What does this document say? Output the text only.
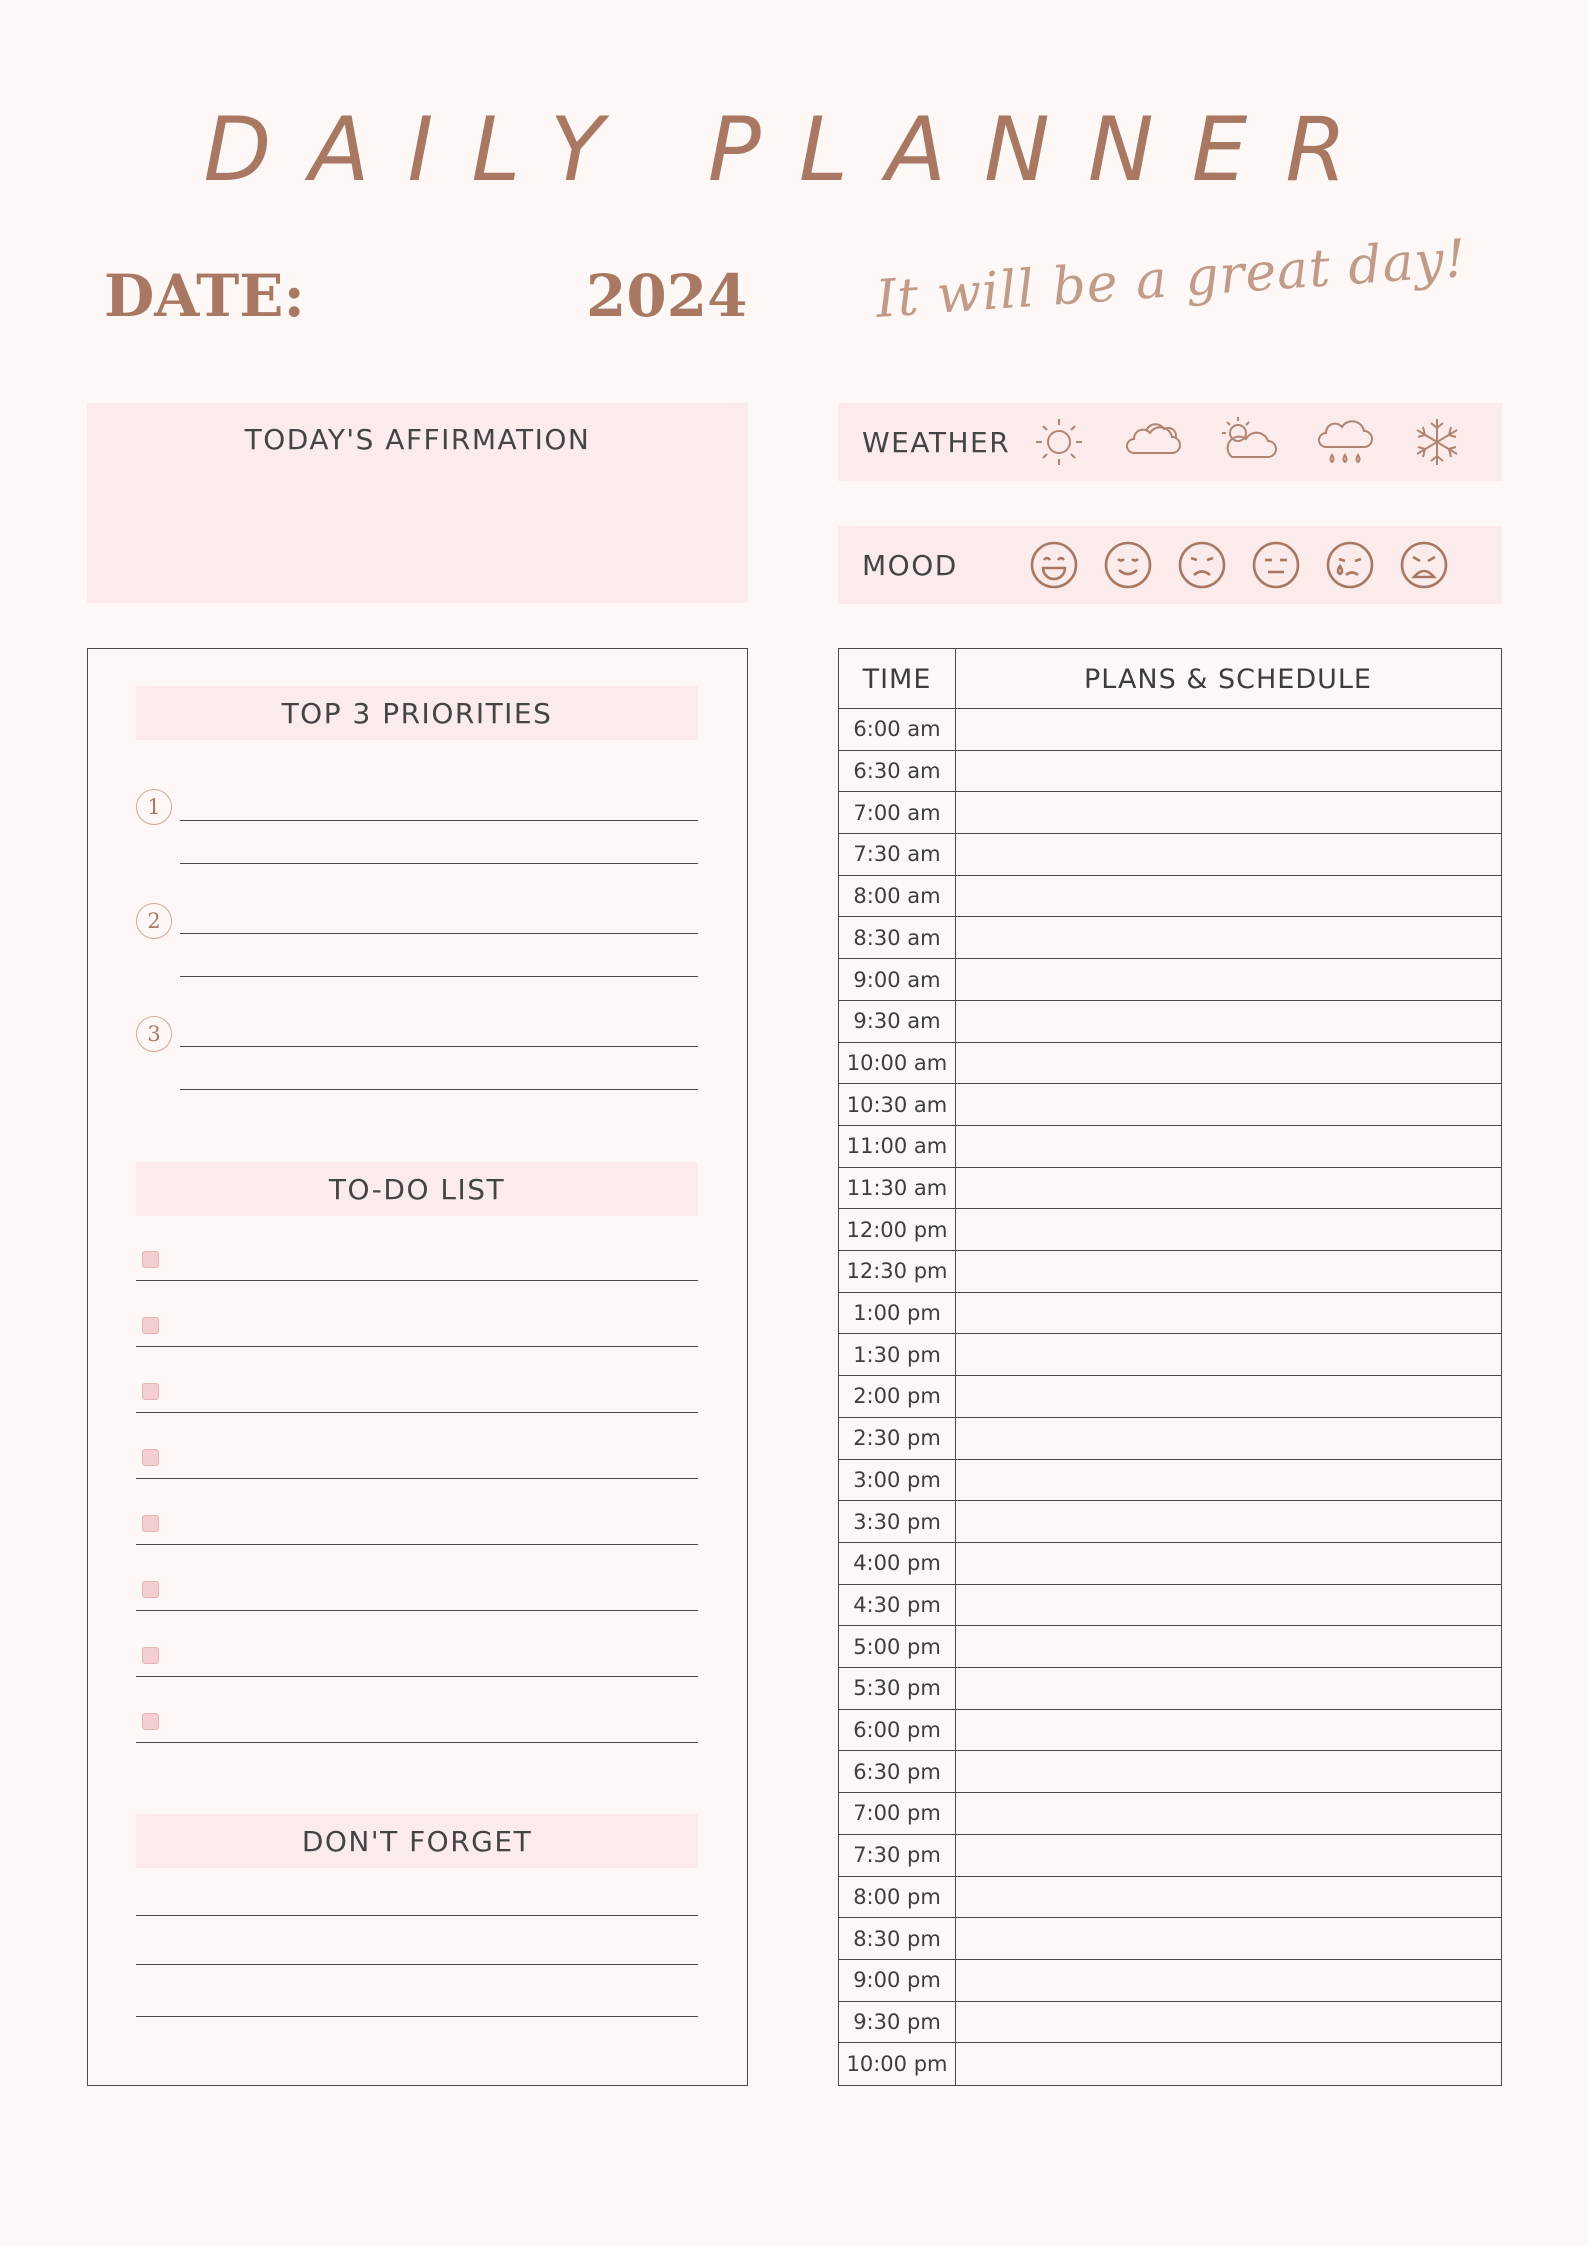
DAILY PLANNER
DATE:	2024 It will be a great day!
TODAY'S AFFIRMATION	WEATHER
MOOD
TOP 3 PRIORITIES
1
2
3
TO-DO LIST
DON'T FORGET
TIME	PLANS & SCHEDULE
6:00 am
6:30 am
7:00 am
7:30 am
8:00 am
8:30 am
9:00 am
9:30 am
10:00 am
10:30 am
11:00 am
11:30 am
12:00 pm
12:30 pm
1:00 pm
1:30 pm
2:00 pm
2:30 pm
3:00 pm
3:30 pm
4:00 pm
4:30 pm
5:00 pm
5:30 pm
6:00 pm
6:30 pm
7:00 pm
7:30 pm
8:00 pm
8:30 pm
9:00 pm
9:30 pm
10:00 pm
